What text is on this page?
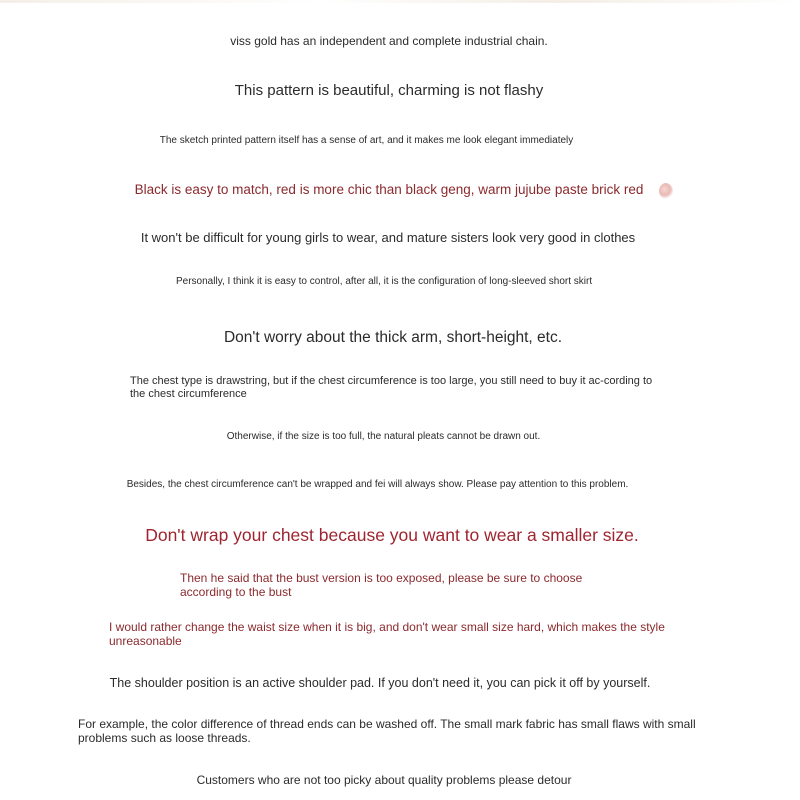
viss gold has an independent and complete industrial chain.

This pattern is beautiful, charming is not flashy

The sketch printed pattern itself has a sense of art, and it makes me look elegant immediately

Black is easy to match, red is more chic than black geng, warm jujube paste brick red

It won't be difficult for young girls to wear, and mature sisters look very good in clothes

Personally, I think it is easy to control, after all, it is the configuration of long-sleeved short skirt

Don't worry about the thick arm, short-height, etc.

The chest type is drawstring, but if the chest circumference is too large, you still need to buy it ac-cording to the chest circumference

Otherwise, if the size is too full, the natural pleats cannot be drawn out.

Besides, the chest circumference can't be wrapped and fei will always show. Please pay attention to this problem.

Don't wrap your chest because you want to wear a smaller size.

Then he said that the bust version is too exposed, please be sure to choose according to the bust

I would rather change the waist size when it is big, and don't wear small size hard, which makes the style unreasonable

The shoulder position is an active shoulder pad. If you don't need it, you can pick it off by yourself.

For example, the color difference of thread ends can be washed off. The small mark fabric has small flaws with small problems such as loose threads.

Customers who are not too picky about quality problems please detour
